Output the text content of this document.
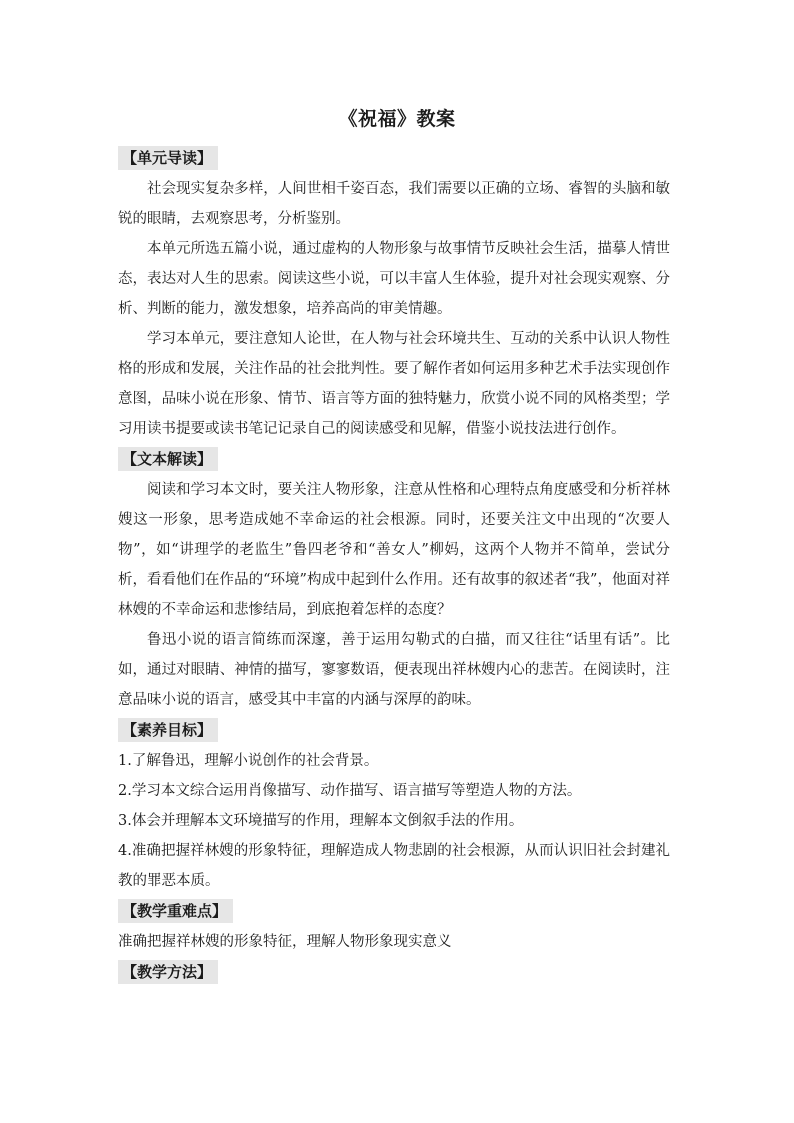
《祝福》教案
【单元导读】

社会现实复杂多样，人间世相千姿百态，我们需要以正确的立场、睿智的头脑和敏锐的眼睛，去观察思考，分析鉴别。

本单元所选五篇小说，通过虚构的人物形象与故事情节反映社会生活，描摹人情世态，表达对人生的思索。阅读这些小说，可以丰富人生体验，提升对社会现实观察、分析、判断的能力，激发想象，培养高尚的审美情趣。

学习本单元，要注意知人论世，在人物与社会环境共生、互动的关系中认识人物性格的形成和发展，关注作品的社会批判性。要了解作者如何运用多种艺术手法实现创作意图，品味小说在形象、情节、语言等方面的独特魅力，欣赏小说不同的风格类型；学习用读书提要或读书笔记记录自己的阅读感受和见解，借鉴小说技法进行创作。

【文本解读】

阅读和学习本文时，要关注人物形象，注意从性格和心理特点角度感受和分析祥林嫂这一形象，思考造成她不幸命运的社会根源。同时，还要关注文中出现的“次要人物”，如“讲理学的老监生”鲁四老爷和“善女人”柳妈，这两个人物并不简单，尝试分析，看看他们在作品的“环境”构成中起到什么作用。还有故事的叙述者“我”，他面对祥林嫂的不幸命运和悲惨结局，到底抱着怎样的态度？

鲁迅小说的语言简练而深邃，善于运用勾勒式的白描，而又往往“话里有话”。比如，通过对眼睛、神情的描写，寥寥数语，便表现出祥林嫂内心的悲苦。在阅读时，注意品味小说的语言，感受其中丰富的内涵与深厚的韵味。

【素养目标】

1.了解鲁迅，理解小说创作的社会背景。

2.学习本文综合运用肖像描写、动作描写、语言描写等塑造人物的方法。

3.体会并理解本文环境描写的作用，理解本文倒叙手法的作用。

4.准确把握祥林嫂的形象特征，理解造成人物悲剧的社会根源，从而认识旧社会封建礼教的罪恶本质。

【教学重难点】

准确把握祥林嫂的形象特征，理解人物形象现实意义

【教学方法】
